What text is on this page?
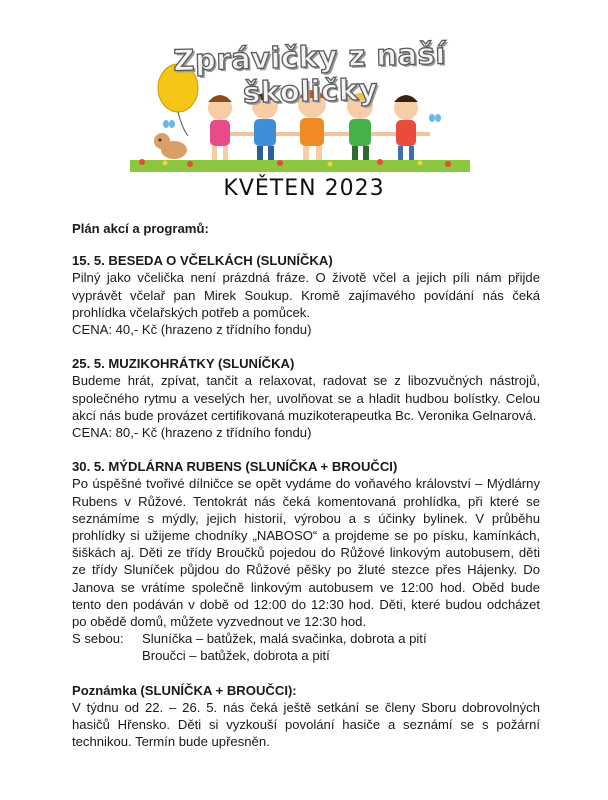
Zprávičky z naší školičky
KVĚTEN 2023

Plán akcí a programů:

15. 5. BESEDA O VČELKÁCH (SLUNÍČKA)

Pilný jako včelička není prázdná fráze. O životě včel a jejich píli nám přijde vyprávět včelař pan Mirek Soukup. Kromě zajímavého povídání nás čeká prohlídka včelařských potřeb a pomůcek.

CENA: 40,- Kč (hrazeno z třídního fondu)

25. 5. MUZIKOHRÁTKY (SLUNÍČKA)

Budeme hrát, zpívat, tančit a relaxovat, radovat se z libozvučných nástrojů, společného rytmu a veselých her, uvolňovat se a hladit hudbou bolístky. Celou akcí nás bude provázet certifikovaná muzikoterapeutka Bc. Veronika Gelnarová.

CENA: 80,- Kč (hrazeno z třídního fondu)

30. 5. MÝDLÁRNA RUBENS (SLUNÍČKA + BROUČCI)

Po úspěšné tvořivé dílničce se opět vydáme do voňavého království – Mýdlárny Rubens v Růžové. Tentokrát nás čeká komentovaná prohlídka, při které se seznámíme s mýdly, jejich historií, výrobou a s účinky bylinek. V průběhu prohlídky si užijeme chodníky „NABOSO“ a projdeme se po písku, kamínkách, šiškách aj. Děti ze třídy Broučků pojedou do Růžové linkovým autobusem, děti ze třídy Sluníček půjdou do Růžové pěšky po žluté stezce přes Hájenky. Do Janova se vrátíme společně linkovým autobusem ve 12:00 hod. Oběd bude tento den podáván v době od 12:00 do 12:30 hod. Děti, které budou odcházet po obědě domů, můžete vyzvednout ve 12:30 hod.

S sebou:	Sluníčka – batůžek, malá svačinka, dobrota a pití
Broučci – batůžek, dobrota a pití

Poznámka (SLUNÍČKA + BROUČCI):

V týdnu od 22. – 26. 5. nás čeká ještě setkání se členy Sboru dobrovolných hasičů Hřensko. Děti si vyzkouší povolání hasiče a seznámí se s požární technikou. Termín bude upřesněn.
